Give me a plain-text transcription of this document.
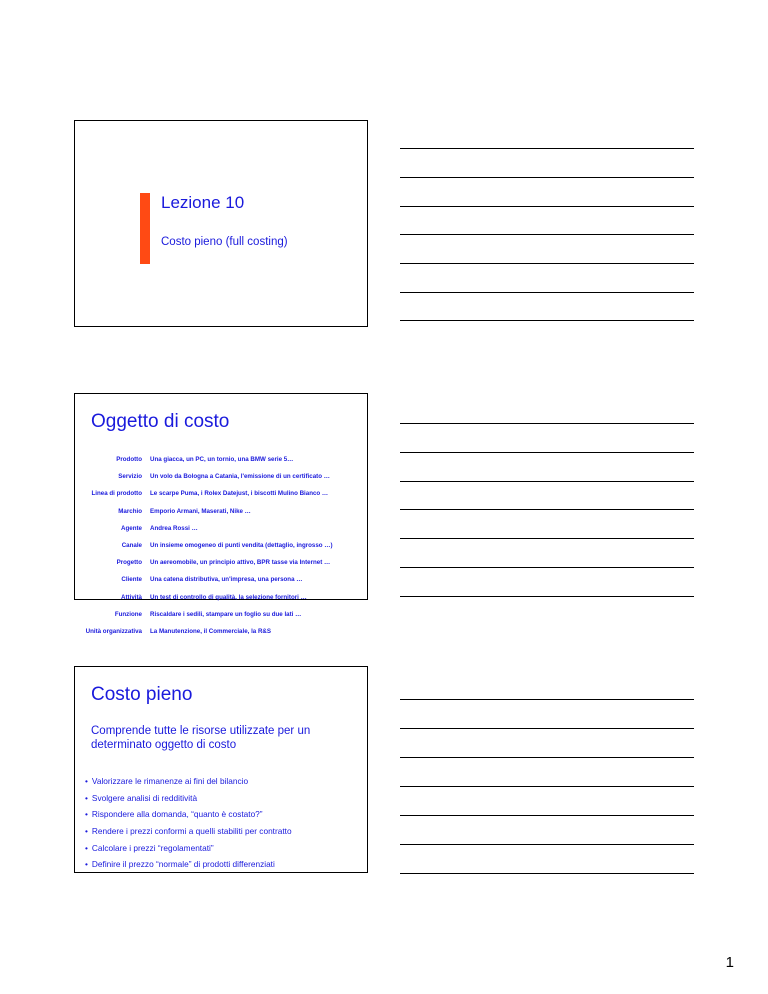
Lezione 10
Costo pieno (full costing)
Oggetto di costo
Prodotto	Una giacca, un PC, un tornio, una BMW serie 5…
Servizio	Un volo da Bologna a Catania, l'emissione di un certificato …
Linea di prodotto	Le scarpe Puma, i Rolex Datejust, i biscotti Mulino Bianco …
Marchio	Emporio Armani, Maserati, Nike …
Agente	Andrea Rossi …
Canale	Un insieme omogeneo di punti vendita (dettaglio, ingrosso …)
Progetto	Un aereomobile, un principio attivo, BPR tasse via Internet …
Cliente	Una catena distributiva, un'impresa, una persona …
Attività	Un test di controllo di qualità, la selezione fornitori …
Funzione	Riscaldare i sedili, stampare un foglio su due lati …
Unità organizzativa	La Manutenzione, il Commerciale, la R&S
Costo pieno
Comprende tutte le risorse utilizzate per un determinato oggetto di costo
• Valorizzare le rimanenze ai fini del bilancio
• Svolgere analisi di redditività
• Rispondere alla domanda, “quanto è costato?”
• Rendere i prezzi conformi a quelli stabiliti per contratto
• Calcolare i prezzi “regolamentati”
• Definire il prezzo “normale” di prodotti differenziati
1
